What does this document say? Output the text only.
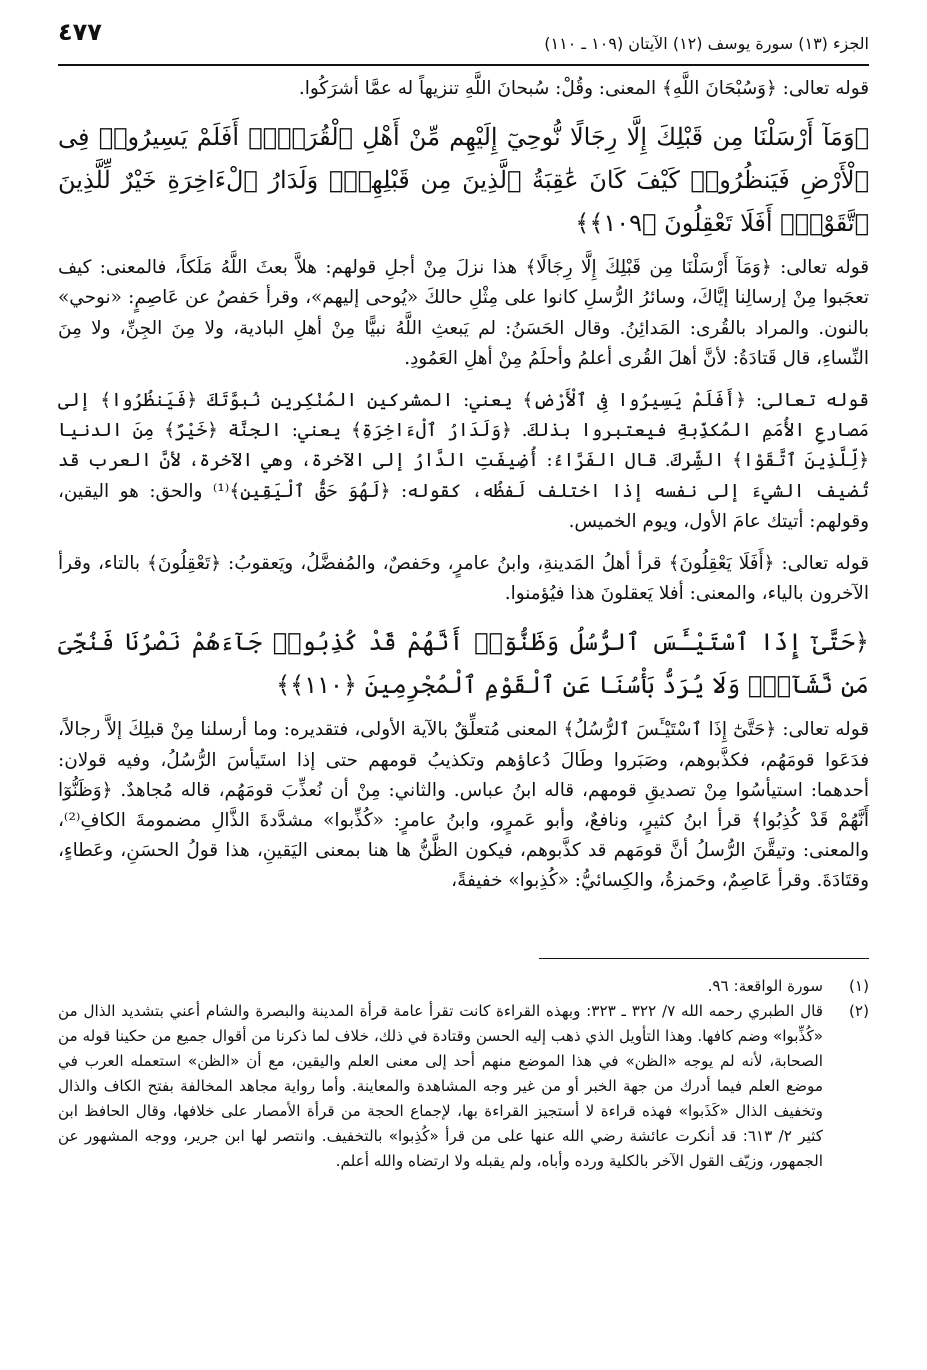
٤٧٧	الجزء (١٣) سورة يوسف (١٢) الآيتان (١٠٩ ـ ١١٠)

قوله تعالى: ﴿وَسُبْحَانَ اللَّهِ﴾ المعنى: وقُلْ: سُبحانَ اللَّهِ تنزيهاً له عمَّا أشرَكُوا.

﴿وَمَآ أَرْسَلْنَا مِن قَبْلِكَ إِلَّا رِجَالًا نُّوحِيٓ إِلَيْهِم مِّنْ أَهْلِ ٱلْقُرَىٰٓۗ أَفَلَمْ يَسِيرُوا۟ فِى ٱلْأَرْضِ فَيَنظُرُوا۟ كَيْفَ كَانَ عَٰقِبَةُ ٱلَّذِينَ مِن قَبْلِهِمْۗ وَلَدَارُ ٱلْءَاخِرَةِ خَيْرٌ لِّلَّذِينَ ٱتَّقَوْا۟ۗ أَفَلَا تَعْقِلُونَ ﴿١٠٩﴾﴾

قوله تعالى: ﴿وَمَآ أَرْسَلْنَا مِن قَبْلِكَ إِلَّا رِجَالًا﴾ هذا نزلَ مِنْ أجلِ قولهم: هلاَّ بعثَ اللَّهُ مَلَكاً، فالمعنى: كيف تعجَبوا مِنْ إرسالِنا إيَّاكَ، وسائرُ الرُّسلِ كانوا على مِثْلِ حالكَ «يُوحى إليهم»، وقرأ حَفصُ عن عَاصِمٍ: «نوحي» بالنون. والمراد بالقُرى: المَدائِنُ. وقال الحَسَنُ: لم يَبعثِ اللَّهُ نبيًّا مِنْ أهلِ البادية، ولا مِنَ الجِنِّ، ولا مِنَ النِّساءِ، قال قَتادَةُ: لأنَّ أهلَ القُرى أعلمُ وأحلَمُ مِنْ أهلِ العَمُودِ.

قوله تعالى: ﴿أَفَلَمْ يَسِيرُوا فِى ٱلْأَرْضِ﴾ يعني: المشركين المُنْكِرين نُبوَّتَكَ ﴿فَيَنظُرُوا﴾ إلى مَصارعِ الأُمَمِ المُكذِّبةِ فيعتبروا بذلكَ. ﴿وَلَدَارُ ٱلْءَاخِرَةِ﴾ يعني: الجنَّة ﴿خَيْرٌ﴾ مِنَ الدنيا ﴿لِّلَّذِينَ ٱتَّقَوْا﴾ الشِّركَ. قال الفَرَّاءُ: أُضِيفَتِ الدَّارُ إلى الآخرة، وهي الآخرة، لأنَّ العرب قد تُضيف الشيءَ إلى نفسه إذا اختلف لَفظُه، كقوله: ﴿لَهُوَ حَقُّ ٱلْيَقِينِ﴾⁽¹⁾ والحق: هو اليقين، وقولهم: أتيتك عامَ الأول، ويوم الخميس.

قوله تعالى: ﴿أَفَلَا يَعْقِلُونَ﴾ قرأ أهلُ المَدينةِ، وابنُ عامرٍ، وحَفصٌ، والمُفضَّلُ، ويَعقوبُ: ﴿تَعْقِلُونَ﴾ بالتاء، وقرأ الآخرون بالياء، والمعنى: أفلا يَعقلونَ هذا فيُؤمنوا.

﴿حَتَّىٰٓ إِذَا ٱسْتَيْـَٔسَ ٱلرُّسُلُ وَظَنُّوٓا۟ أَنَّهُمْ قَدْ كُذِبُوا۟ جَآءَهُمْ نَصْرُنَا فَنُجِّىَ مَن نَّشَآءُۖ وَلَا يُرَدُّ بَأْسُنَا عَنِ ٱلْقَوْمِ ٱلْمُجْرِمِينَ ﴿١١٠﴾﴾

قوله تعالى: ﴿حَتَّىٰٓ إِذَا ٱسْتَيْـَٔسَ ٱلرُّسُلُ﴾ المعنى مُتعلِّقٌ بالآية الأولى، فتقديره: وما أرسلنا مِنْ قبلِكَ إلاَّ رجالاً، فدَعَوا قومَهُم، فكذَّبوهم، وصَبَروا وطَالَ دُعاؤهم وتكذيبُ قومهم حتى إذا استَيأسَ الرُّسُلُ، وفيه قولان: أحدهما: استيأسُوا مِنْ تصديقِ قومهم، قاله ابنُ عباس. والثاني: مِنْ أن نُعذِّبَ قومَهُم، قاله مُجاهدٌ. ﴿وَظَنُّوٓا أَنَّهُمْ قَدْ كُذِبُوا﴾ قرأ ابنُ كثيرٍ، ونافعٌ، وأبو عَمرٍو، وابنُ عامرٍ: «كُذِّبوا» مشدَّدةَ الذَّالِ مضمومةَ الكافِ⁽²⁾، والمعنى: وتيقَّنَ الرُّسلُ أنَّ قومَهم قد كذَّبوهم، فيكون الظَّنُّ ها هنا بمعنى اليَقينِ، هذا قولُ الحسَنِ، وعَطاءٍ، وقتَادَةَ. وقرأ عَاصِمٌ، وحَمزةُ، والكِسائيُّ: «كُذِبوا» خفيفةً،

(١)
سورة الواقعة: ٩٦.
(٢)
قال الطبري رحمه الله ٧/ ٣٢٢ ـ ٣٢٣: وبهذه القراءة كانت تقرأ عامة قرأة المدينة والبصرة والشام أعني بتشديد الذال من «كُذِّبوا» وضم كافها. وهذا التأويل الذي ذهب إليه الحسن وقتادة في ذلك، خلاف لما ذكرنا من أقوال جميع من حكينا قوله من الصحابة، لأنه لم يوجه «الظن» في هذا الموضع منهم أحد إلى معنى العلم واليقين، مع أن «الظن» استعمله العرب في موضع العلم فيما أدرك من جهة الخبر أو من غير وجه المشاهدة والمعاينة. وأما رواية مجاهد المخالفة بفتح الكاف والذال وتخفيف الذال «كَذَبوا» فهذه قراءة لا أستجيز القراءة بها، لإجماع الحجة من قرأة الأمصار على خلافها، وقال الحافظ ابن كثير ٢/ ٦١٣: قد أنكرت عائشة رضي الله عنها على من قرأ «كُذِبوا» بالتخفيف. وانتصر لها ابن جرير، ووجه المشهور عن الجمهور، وزيّف القول الآخر بالكلية ورده وأباه، ولم يقبله ولا ارتضاه والله أعلم.
